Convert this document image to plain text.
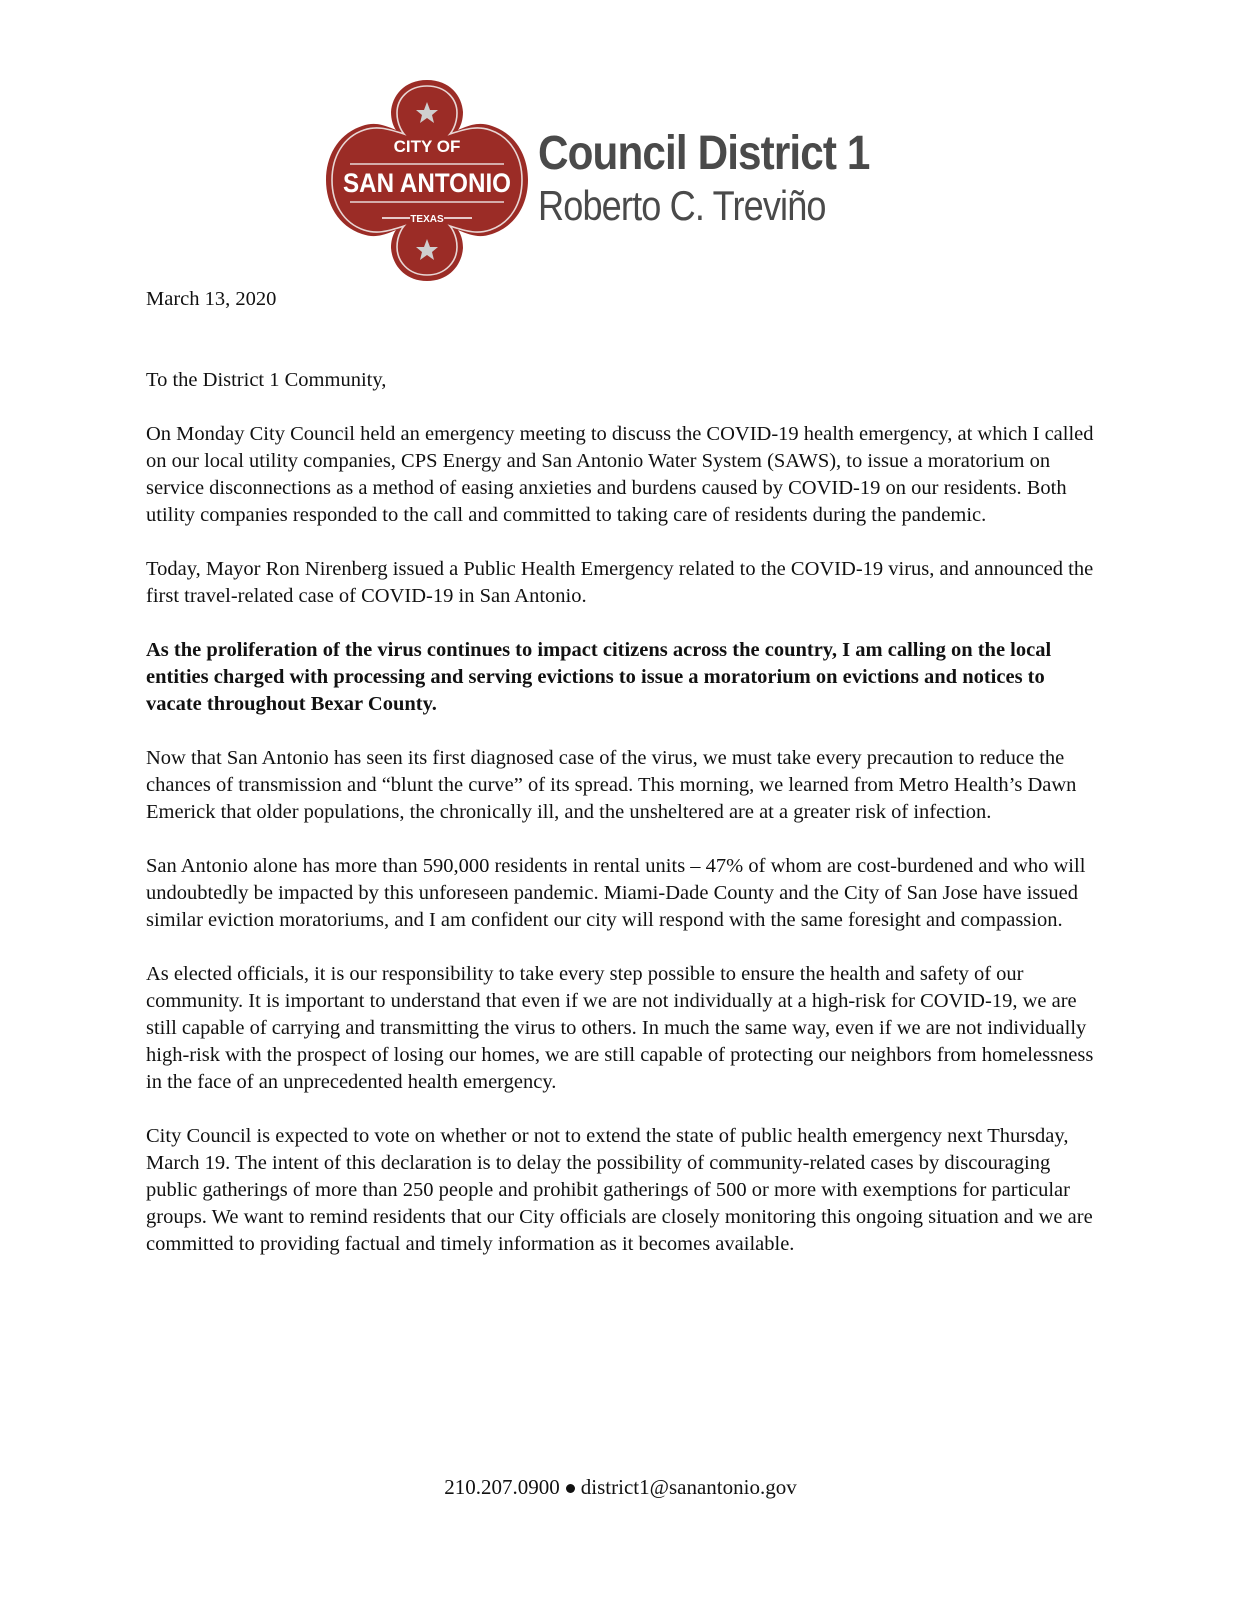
CITY OF
SAN ANTONIO
TEXAS
Council District 1
Roberto C. Treviño

March 13, 2020

To the District 1 Community,

On Monday City Council held an emergency meeting to discuss the COVID-19 health emergency, at which I called on our local utility companies, CPS Energy and San Antonio Water System (SAWS), to issue a moratorium on service disconnections as a method of easing anxieties and burdens caused by COVID-19 on our residents. Both utility companies responded to the call and committed to taking care of residents during the pandemic.

Today, Mayor Ron Nirenberg issued a Public Health Emergency related to the COVID-19 virus, and announced the first travel-related case of COVID-19 in San Antonio.

As the proliferation of the virus continues to impact citizens across the country, I am calling on the local entities charged with processing and serving evictions to issue a moratorium on evictions and notices to vacate throughout Bexar County.

Now that San Antonio has seen its first diagnosed case of the virus, we must take every precaution to reduce the chances of transmission and “blunt the curve” of its spread. This morning, we learned from Metro Health’s Dawn Emerick that older populations, the chronically ill, and the unsheltered are at a greater risk of infection.

San Antonio alone has more than 590,000 residents in rental units – 47% of whom are cost-burdened and who will undoubtedly be impacted by this unforeseen pandemic. Miami-Dade County and the City of San Jose have issued similar eviction moratoriums, and I am confident our city will respond with the same foresight and compassion.

As elected officials, it is our responsibility to take every step possible to ensure the health and safety of our community. It is important to understand that even if we are not individually at a high-risk for COVID-19, we are still capable of carrying and transmitting the virus to others. In much the same way, even if we are not individually high-risk with the prospect of losing our homes, we are still capable of protecting our neighbors from homelessness in the face of an unprecedented health emergency.

City Council is expected to vote on whether or not to extend the state of public health emergency next Thursday, March 19. The intent of this declaration is to delay the possibility of community-related cases by discouraging public gatherings of more than 250 people and prohibit gatherings of 500 or more with exemptions for particular groups. We want to remind residents that our City officials are closely monitoring this ongoing situation and we are committed to providing factual and timely information as it becomes available.

210.207.0900 district1@sanantonio.gov
